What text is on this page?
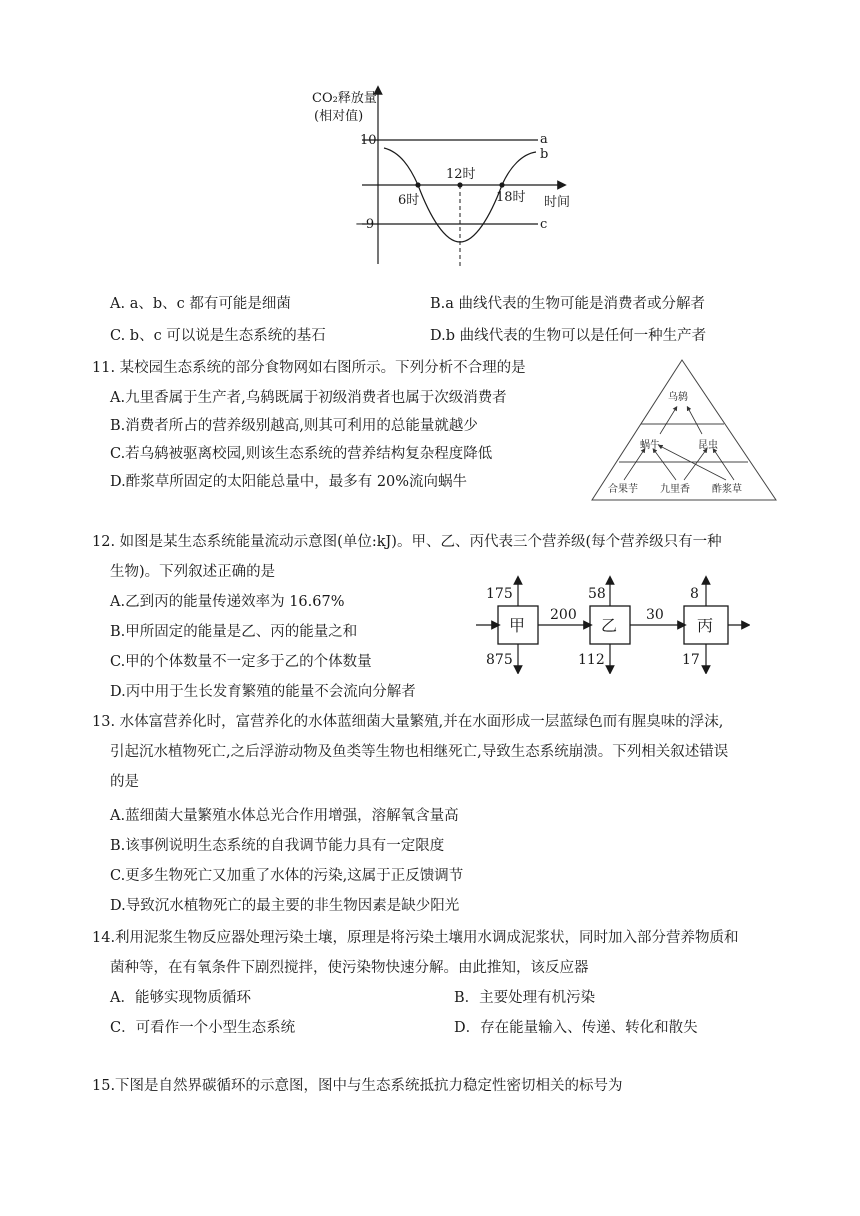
CO₂释放量
(相对值)
10
−9
a
b
c
12时
6时	18时 时间
A. a、b、c 都有可能是细菌	B.a 曲线代表的生物可能是消费者或分解者
C. b、c 可以说是生态系统的基石	D.b 曲线代表的生物可以是任何一种生产者
11. 某校园生态系统的部分食物网如右图所示。下列分析不合理的是
A.九里香属于生产者,乌鸫既属于初级消费者也属于次级消费者
B.消费者所占的营养级别越高,则其可利用的总能量就越少
C.若乌鸫被驱离校园,则该生态系统的营养结构复杂程度降低
D.酢浆草所固定的太阳能总量中，最多有 20%流向蜗牛
乌鸫
蜗牛	昆虫
合果芋 九里香 酢浆草
12. 如图是某生态系统能量流动示意图(单位:kJ)。甲、乙、丙代表三个营养级(每个营养级只有一种
生物)。下列叙述正确的是
A.乙到丙的能量传递效率为 16.67%
B.甲所固定的能量是乙、丙的能量之和
C.甲的个体数量不一定多于乙的个体数量
D.丙中用于生长发育繁殖的能量不会流向分解者
甲	乙	丙
175
875
200
58
112
30
8
17
13. 水体富营养化时，富营养化的水体蓝细菌大量繁殖,并在水面形成一层蓝绿色而有腥臭味的浮沫,
引起沉水植物死亡,之后浮游动物及鱼类等生物也相继死亡,导致生态系统崩溃。下列相关叙述错误
的是
A.蓝细菌大量繁殖水体总光合作用增强，溶解氧含量高
B.该事例说明生态系统的自我调节能力具有一定限度
C.更多生物死亡又加重了水体的污染,这属于正反馈调节
D.导致沉水植物死亡的最主要的非生物因素是缺少阳光
14.利用泥浆生物反应器处理污染土壤，原理是将污染土壤用水调成泥浆状，同时加入部分营养物质和
菌种等，在有氧条件下剧烈搅拌，使污染物快速分解。由此推知，该反应器
A．能够实现物质循环	B．主要处理有机污染
C．可看作一个小型生态系统	D．存在能量输入、传递、转化和散失
15.下图是自然界碳循环的示意图，图中与生态系统抵抗力稳定性密切相关的标号为
